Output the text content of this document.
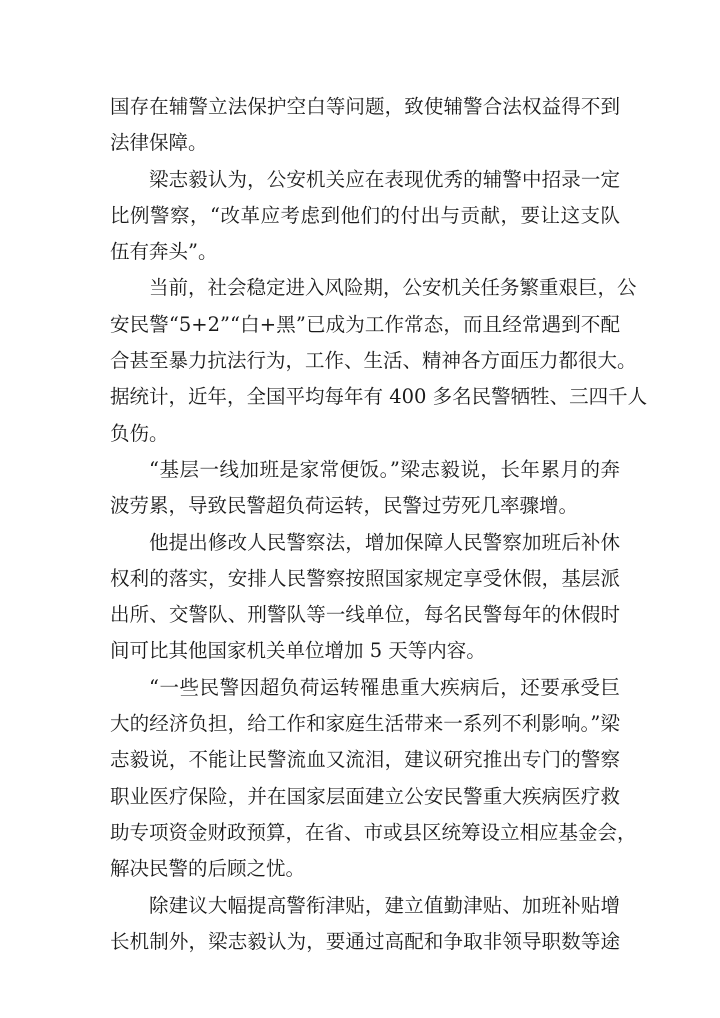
国存在辅警立法保护空白等问题，致使辅警合法权益得不到
法律保障。
梁志毅认为，公安机关应在表现优秀的辅警中招录一定
比例警察，“改革应考虑到他们的付出与贡献，要让这支队
伍有奔头”。
当前，社会稳定进入风险期，公安机关任务繁重艰巨，公
安民警“5+2”“白+黑”已成为工作常态，而且经常遇到不配
合甚至暴力抗法行为，工作、生活、精神各方面压力都很大。
据统计，近年，全国平均每年有 400 多名民警牺牲、三四千人
负伤。
“基层一线加班是家常便饭。”梁志毅说，长年累月的奔
波劳累，导致民警超负荷运转，民警过劳死几率骤增。
他提出修改人民警察法，增加保障人民警察加班后补休
权利的落实，安排人民警察按照国家规定享受休假，基层派
出所、交警队、刑警队等一线单位，每名民警每年的休假时
间可比其他国家机关单位增加 5 天等内容。
“一些民警因超负荷运转罹患重大疾病后，还要承受巨
大的经济负担，给工作和家庭生活带来一系列不利影响。”梁
志毅说，不能让民警流血又流泪，建议研究推出专门的警察
职业医疗保险，并在国家层面建立公安民警重大疾病医疗救
助专项资金财政预算，在省、市或县区统筹设立相应基金会，
解决民警的后顾之忧。
除建议大幅提高警衔津贴，建立值勤津贴、加班补贴增
长机制外，梁志毅认为，要通过高配和争取非领导职数等途
